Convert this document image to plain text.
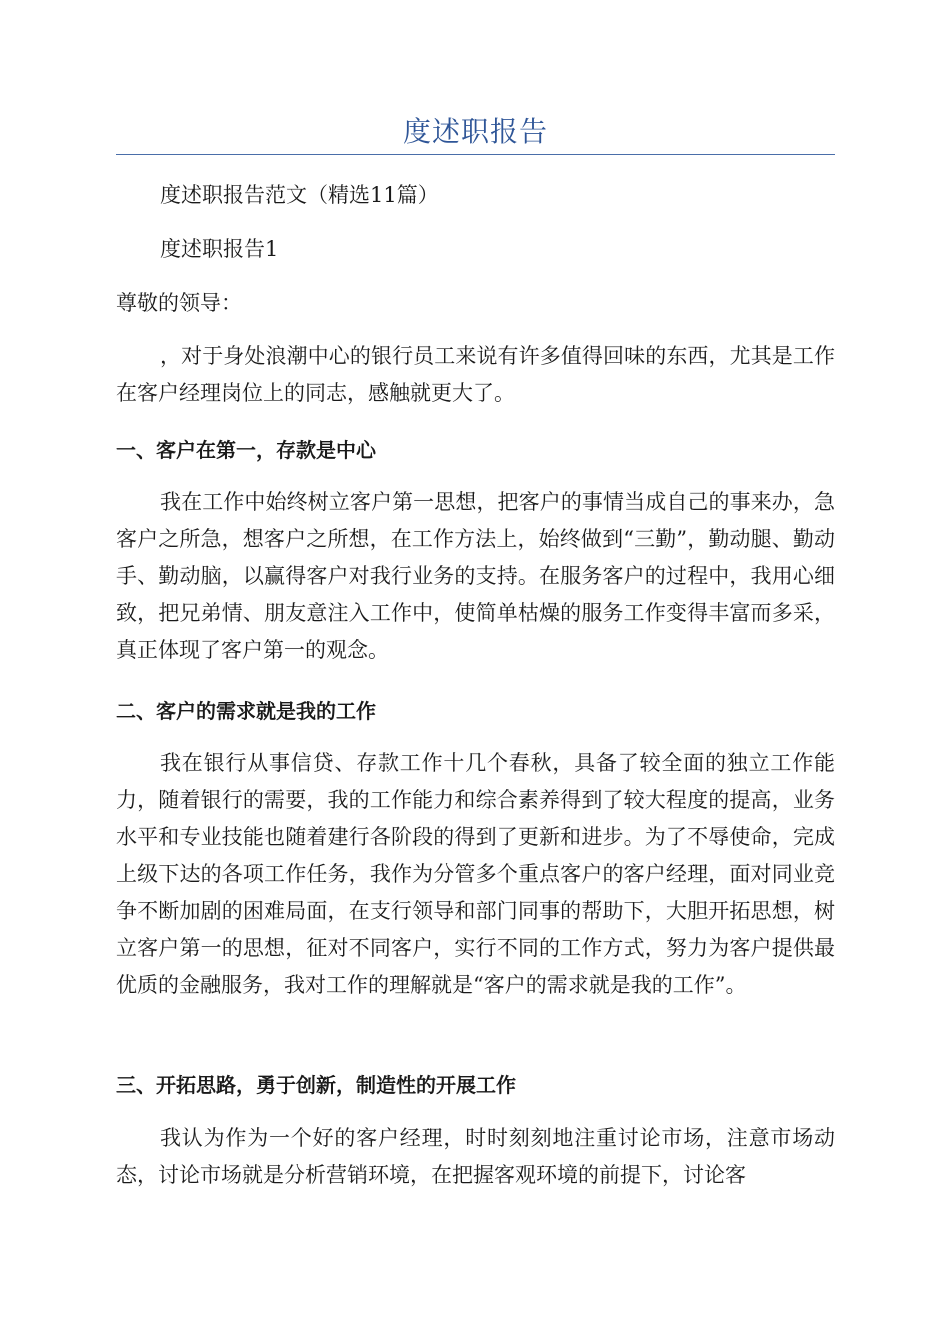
度述职报告

度述职报告范文（精选11篇）

度述职报告1

尊敬的领导：

，对于身处浪潮中心的银行员工来说有许多值得回味的东西，尤其是工作在客户经理岗位上的同志，感触就更大了。

一、客户在第一，存款是中心

我在工作中始终树立客户第一思想，把客户的事情当成自己的事来办，急客户之所急，想客户之所想，在工作方法上，始终做到“三勤”，勤动腿、勤动手、勤动脑，以赢得客户对我行业务的支持。在服务客户的过程中，我用心细致，把兄弟情、朋友意注入工作中，使简单枯燥的服务工作变得丰富而多采，真正体现了客户第一的观念。

二、客户的需求就是我的工作

我在银行从事信贷、存款工作十几个春秋，具备了较全面的独立工作能力，随着银行的需要，我的工作能力和综合素养得到了较大程度的提高，业务水平和专业技能也随着建行各阶段的得到了更新和进步。为了不辱使命，完成上级下达的各项工作任务，我作为分管多个重点客户的客户经理，面对同业竞争不断加剧的困难局面，在支行领导和部门同事的帮助下，大胆开拓思想，树立客户第一的思想，征对不同客户，实行不同的工作方式，努力为客户提供最优质的金融服务，我对工作的理解就是“客户的需求就是我的工作”。

三、开拓思路，勇于创新，制造性的开展工作

我认为作为一个好的客户经理，时时刻刻地注重讨论市场，注意市场动态，讨论市场就是分析营销环境，在把握客观环境的前提下，讨论客
